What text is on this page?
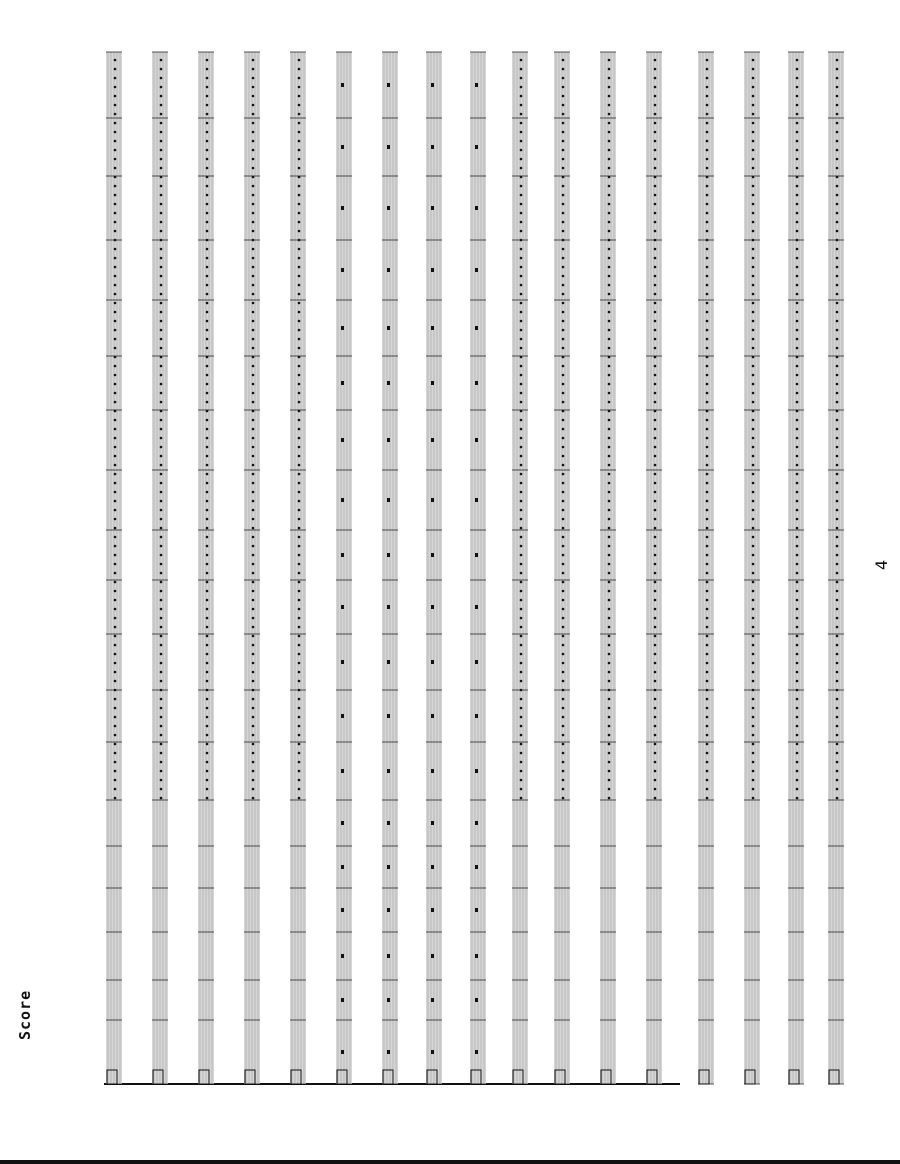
Score
4
